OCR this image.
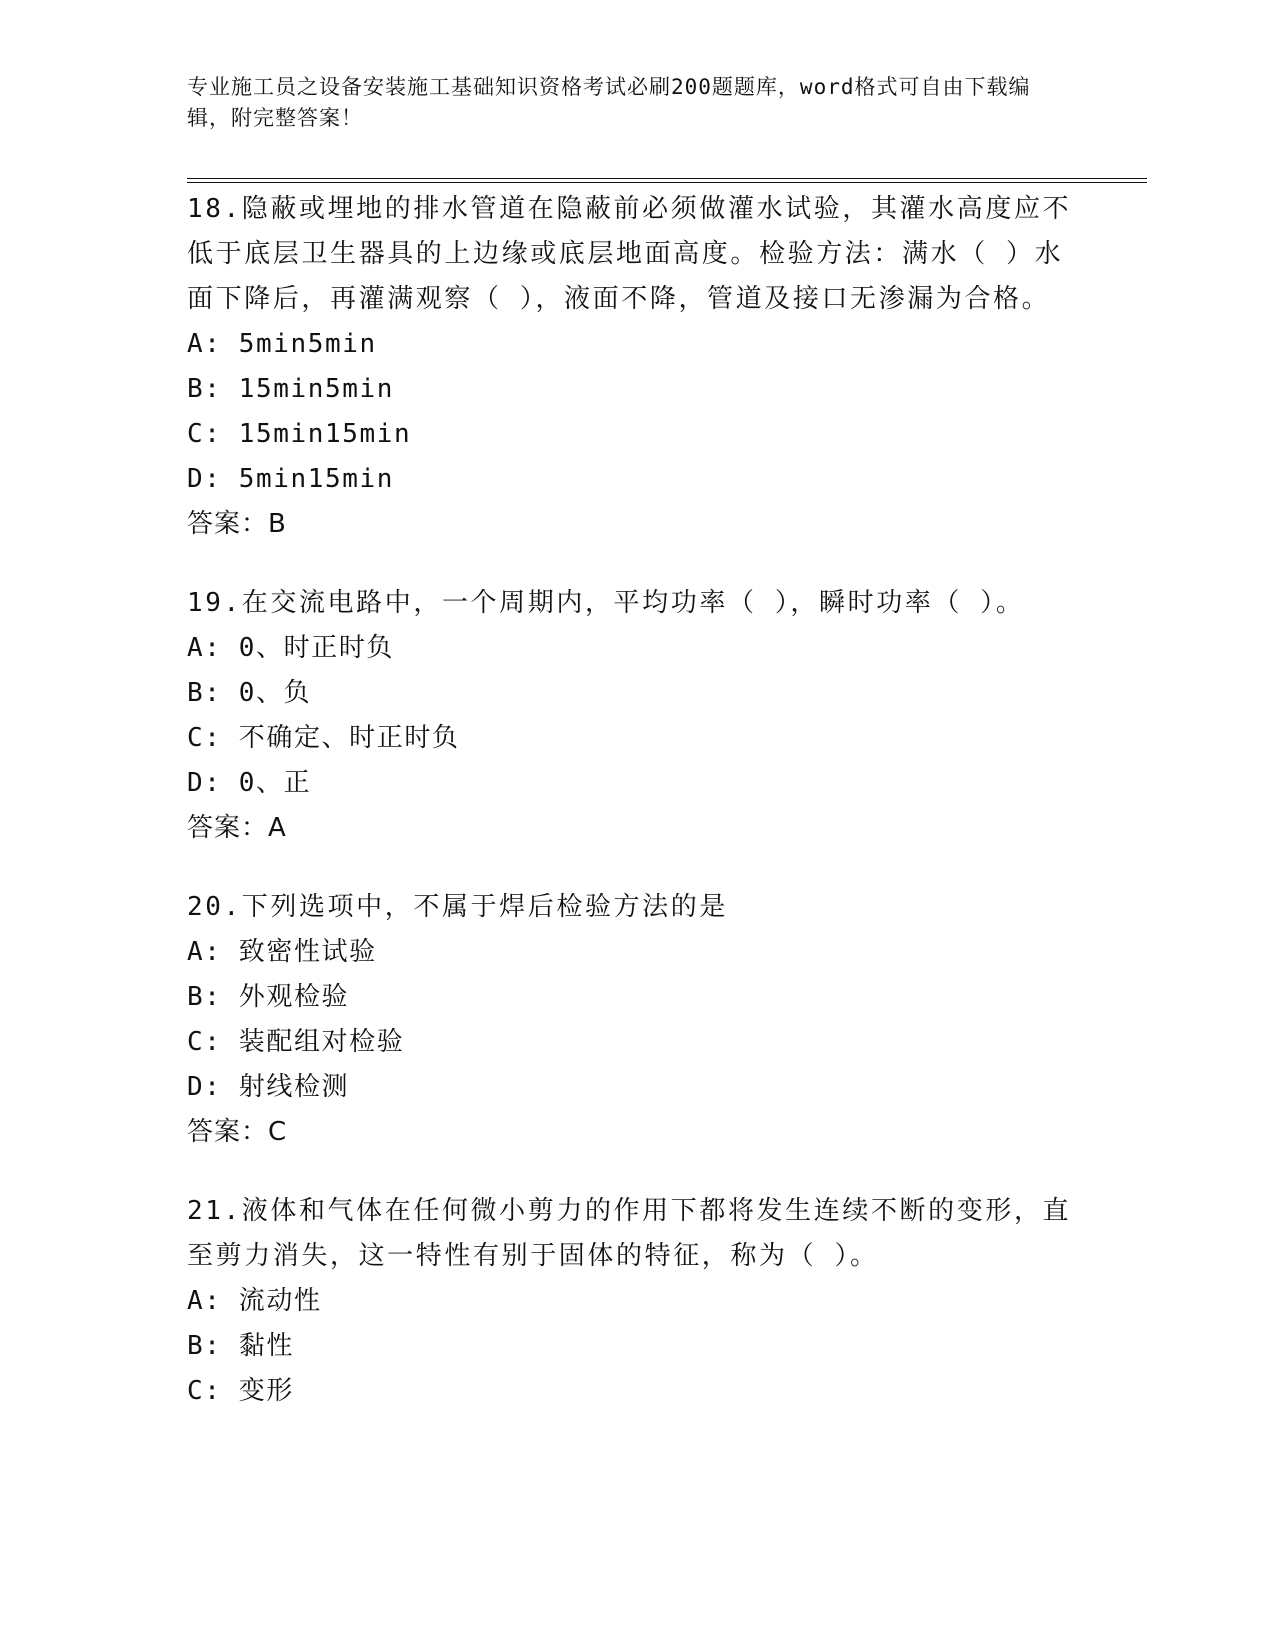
专业施工员之设备安装施工基础知识资格考试必刷200题题库，word格式可自由下载编辑，附完整答案！
18.隐蔽或埋地的排水管道在隐蔽前必须做灌水试验，其灌水高度应不低于底层卫生器具的上边缘或底层地面高度。检验方法：满水（ ）水面下降后，再灌满观察（ ），液面不降，管道及接口无渗漏为合格。
A: 5min5min
B: 15min5min
C: 15min15min
D: 5min15min
答案：B
19.在交流电路中，一个周期内，平均功率（ ），瞬时功率（ ）。
A: 0、时正时负
B: 0、负
C: 不确定、时正时负
D: 0、正
答案：A
20.下列选项中，不属于焊后检验方法的是
A: 致密性试验
B: 外观检验
C: 装配组对检验
D: 射线检测
答案：C
21.液体和气体在任何微小剪力的作用下都将发生连续不断的变形，直至剪力消失，这一特性有别于固体的特征，称为（ ）。
A: 流动性
B: 黏性
C: 变形
